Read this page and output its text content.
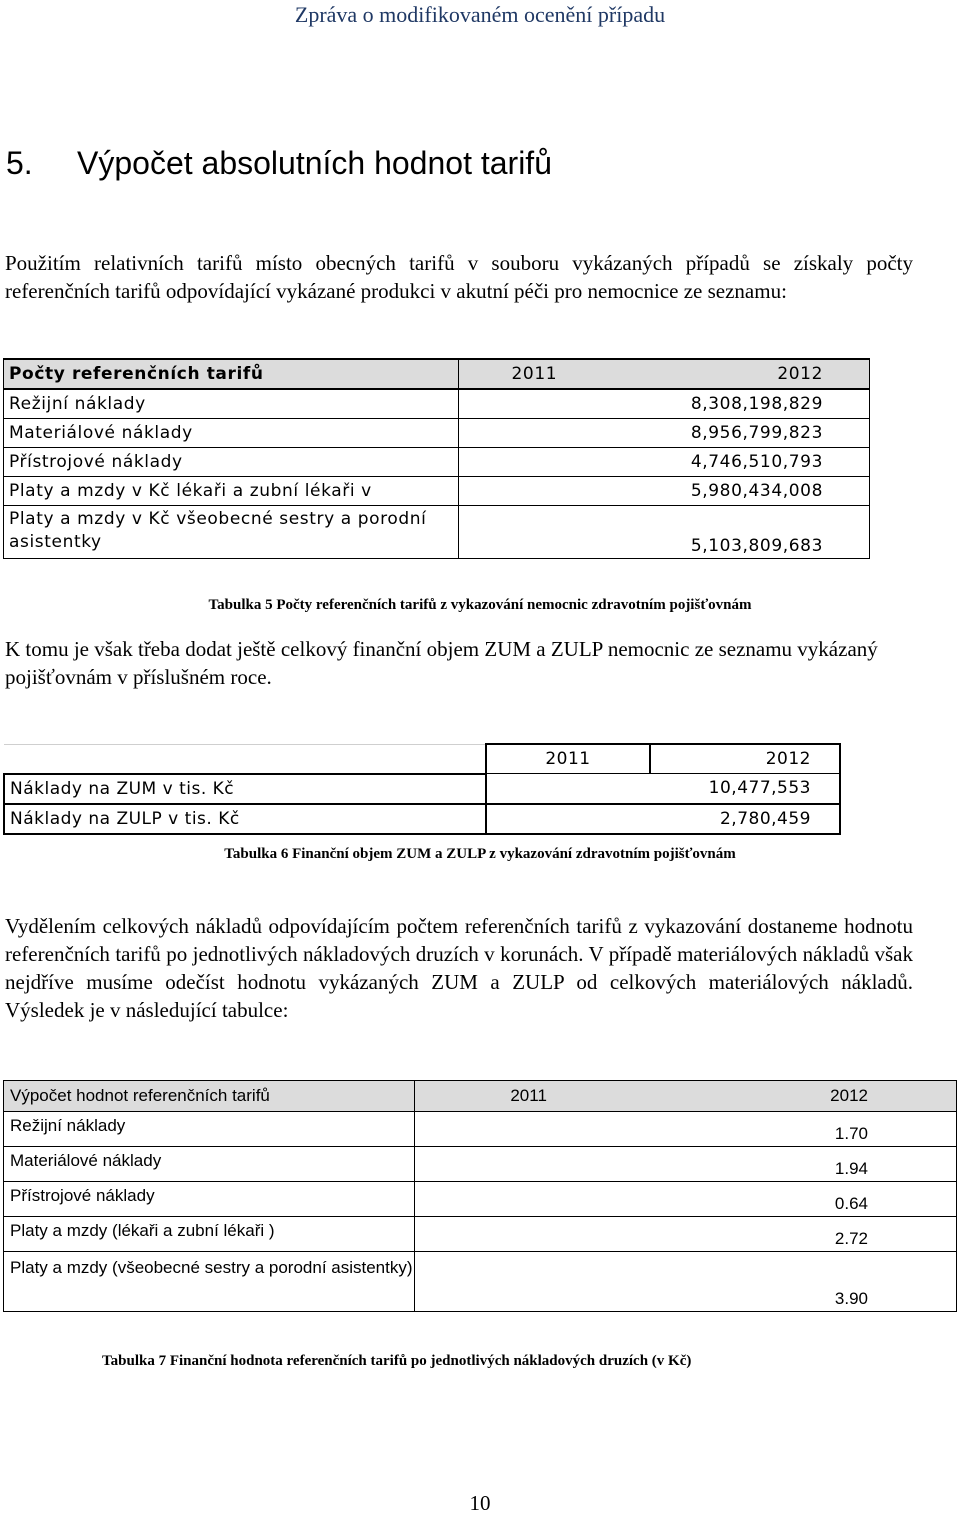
Zpráva o modifikovaném ocenění případu
5. Výpočet absolutních hodnot tarifů
Použitím relativních tarifů místo obecných tarifů v souboru vykázaných případů se získaly počty referenčních tarifů odpovídající vykázané produkci v akutní péči pro nemocnice ze seznamu:
Počty referenčních tarifů	2011	2012
Režijní náklady		8,308,198,829
Materiálové náklady		8,956,799,823
Přístrojové náklady		4,746,510,793
Platy a mzdy v Kč lékaři a zubní lékaři v		5,980,434,008
Platy a mzdy v Kč všeobecné sestry a porodní asistentky		5,103,809,683
Tabulka 5 Počty referenčních tarifů z vykazování nemocnic zdravotním pojišťovnám
K tomu je však třeba dodat ještě celkový finanční objem ZUM a ZULP nemocnic ze seznamu vykázaný pojišťovnám v příslušném roce.
	2011	2012
Náklady na ZUM v tis. Kč		10,477,553
Náklady na ZULP v tis. Kč		2,780,459
Tabulka 6 Finanční objem ZUM a ZULP z vykazování zdravotním pojišťovnám
Vydělením celkových nákladů odpovídajícím počtem referenčních tarifů z vykazování dostaneme hodnotu referenčních tarifů po jednotlivých nákladových druzích v korunách. V případě materiálových nákladů však nejdříve musíme odečíst hodnotu vykázaných ZUM a ZULP od celkových materiálových nákladů. Výsledek je v následující tabulce:
Výpočet hodnot referenčních tarifů	2011	2012
Režijní náklady		1.70
Materiálové náklady		1.94
Přístrojové náklady		0.64
Platy a mzdy (lékaři a zubní lékaři )		2.72
Platy a mzdy (všeobecné sestry a porodní asistentky)		3.90
Tabulka 7 Finanční hodnota referenčních tarifů po jednotlivých nákladových druzích (v Kč)
10
